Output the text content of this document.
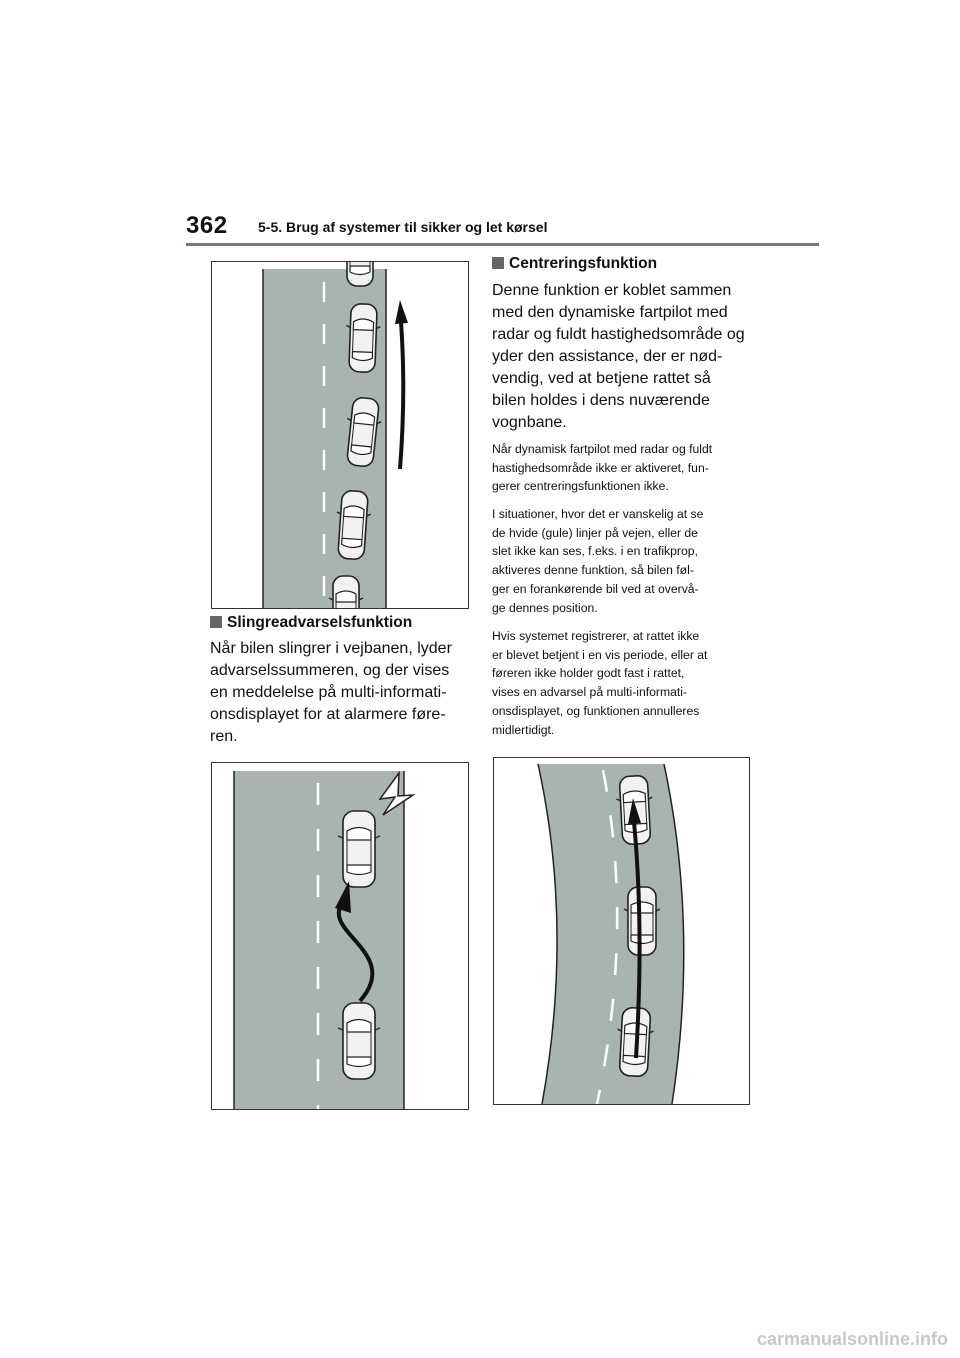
362 5-5. Brug af systemer til sikker og let kørsel
Slingreadvarselsfunktion
Når bilen slingrer i vejbanen, lyder
advarselssummeren, og der vises
en meddelelse på multi-informati-
onsdisplayet for at alarmere føre-
ren.
Centreringsfunktion
Denne funktion er koblet sammen
med den dynamiske fartpilot med
radar og fuldt hastighedsområde og
yder den assistance, der er nød-
vendig, ved at betjene rattet så
bilen holdes i dens nuværende
vognbane.
Når dynamisk fartpilot med radar og fuldt
hastighedsområde ikke er aktiveret, fun-
gerer centreringsfunktionen ikke.
I situationer, hvor det er vanskelig at se
de hvide (gule) linjer på vejen, eller de
slet ikke kan ses, f.eks. i en trafikprop,
aktiveres denne funktion, så bilen føl-
ger en forankørende bil ved at overvå-
ge dennes position.
Hvis systemet registrerer, at rattet ikke
er blevet betjent i en vis periode, eller at
føreren ikke holder godt fast i rattet,
vises en advarsel på multi-informati-
onsdisplayet, og funktionen annulleres
midlertidigt.
carmanualsonline.info
